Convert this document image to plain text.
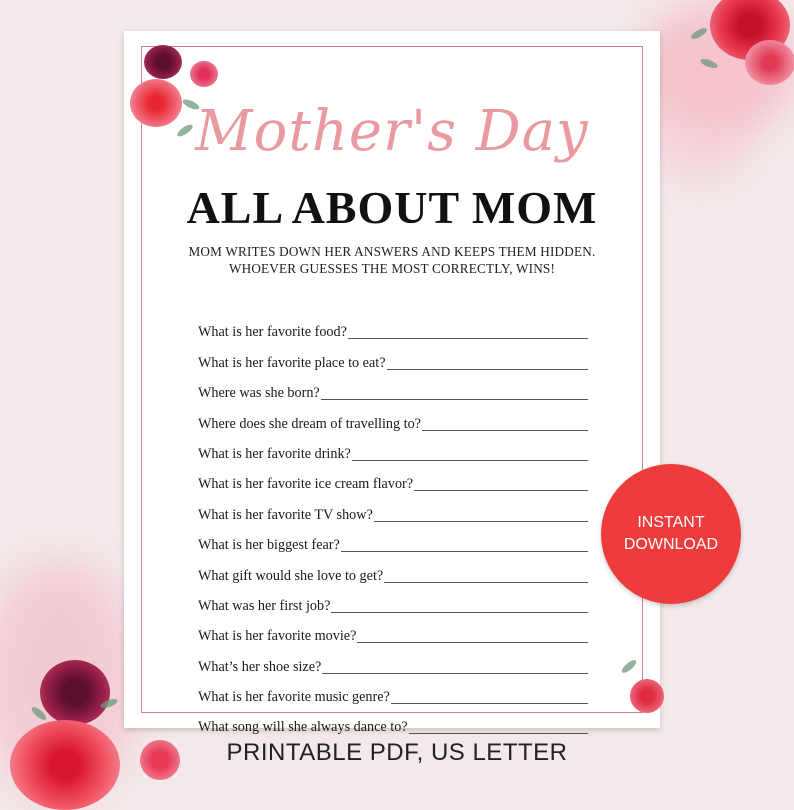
Mother's Day
ALL ABOUT MOM
MOM WRITES DOWN HER ANSWERS AND KEEPS THEM HIDDEN.
WHOEVER GUESSES THE MOST CORRECTLY, WINS!
What is her favorite food?
What is her favorite place to eat?
Where was she born?
Where does she dream of travelling to?
What is her favorite drink?
What is her favorite ice cream flavor?
What is her favorite TV show?
What is her biggest fear?
What gift would she love to get?
What was her first job?
What is her favorite movie?
What’s her shoe size?
What is her favorite music genre?
What song will she always dance to?
INSTANT
DOWNLOAD
PRINTABLE PDF, US LETTER
